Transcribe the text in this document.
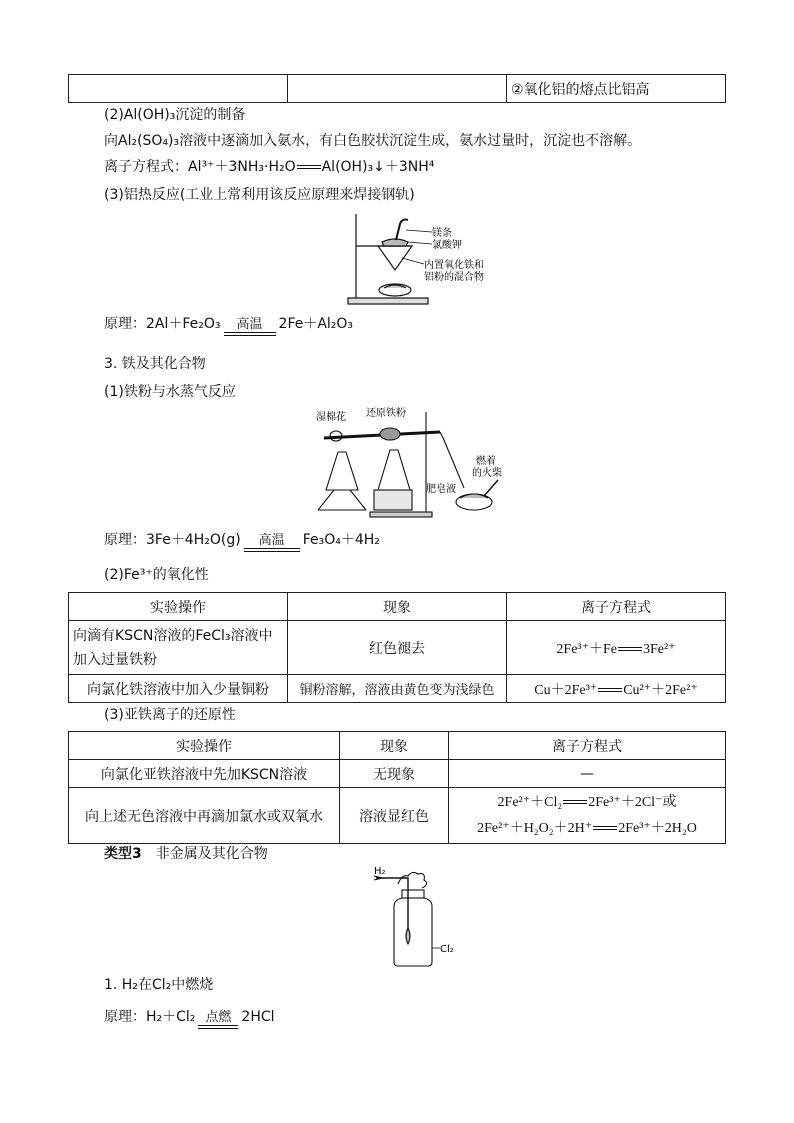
		②氧化铝的熔点比铝高
(2)Al(OH)₃沉淀的制备
向Al₂(SO₄)₃溶液中逐滴加入氨水，有白色胶状沉淀生成，氨水过量时，沉淀也不溶解。
离子方程式：Al³⁺＋3NH₃·H₂O Al(OH)₃↓＋3NH⁴
(3)铝热反应(工业上常利用该反应原理来焊接钢轨)
镁条
氯酸钾
内置氧化铁和
铝粉的混合物
原理：2Al＋Fe₂O₃	高温	2Fe＋Al₂O₃
3. 铁及其化合物
(1)铁粉与水蒸气反应
湿棉花 还原铁粉
燃着
的火柴
肥皂液
原理：3Fe＋4H₂O(g)	高温	Fe₃O₄＋4H₂
(2)Fe³⁺的氧化性
实验操作	现象	离子方程式

向滴有KSCN溶液的FeCl₃溶液中
加入过量铁粉	红色褪去	2Fe³⁺＋Fe 3Fe²⁺
向氯化铁溶液中加入少量铜粉	铜粉溶解，溶液由黄色变为浅绿色	Cu＋2Fe³⁺ Cu²⁺＋2Fe²⁺
(3)亚铁离子的还原性
实验操作	现象	离子方程式
向氯化亚铁溶液中先加KSCN溶液	无现象	—
向上述无色溶液中再滴加氯水或双氧水	溶液显红色	2Fe²⁺＋Cl₂ 2Fe³⁺＋2Cl⁻或
2Fe²⁺＋H₂O₂＋2H⁺ 2Fe³⁺＋2H₂O
类型3　 非金属及其化合物
H₂
Cl₂
1. H₂在Cl₂中燃烧
原理：H₂＋Cl₂ 点燃 2HCl
